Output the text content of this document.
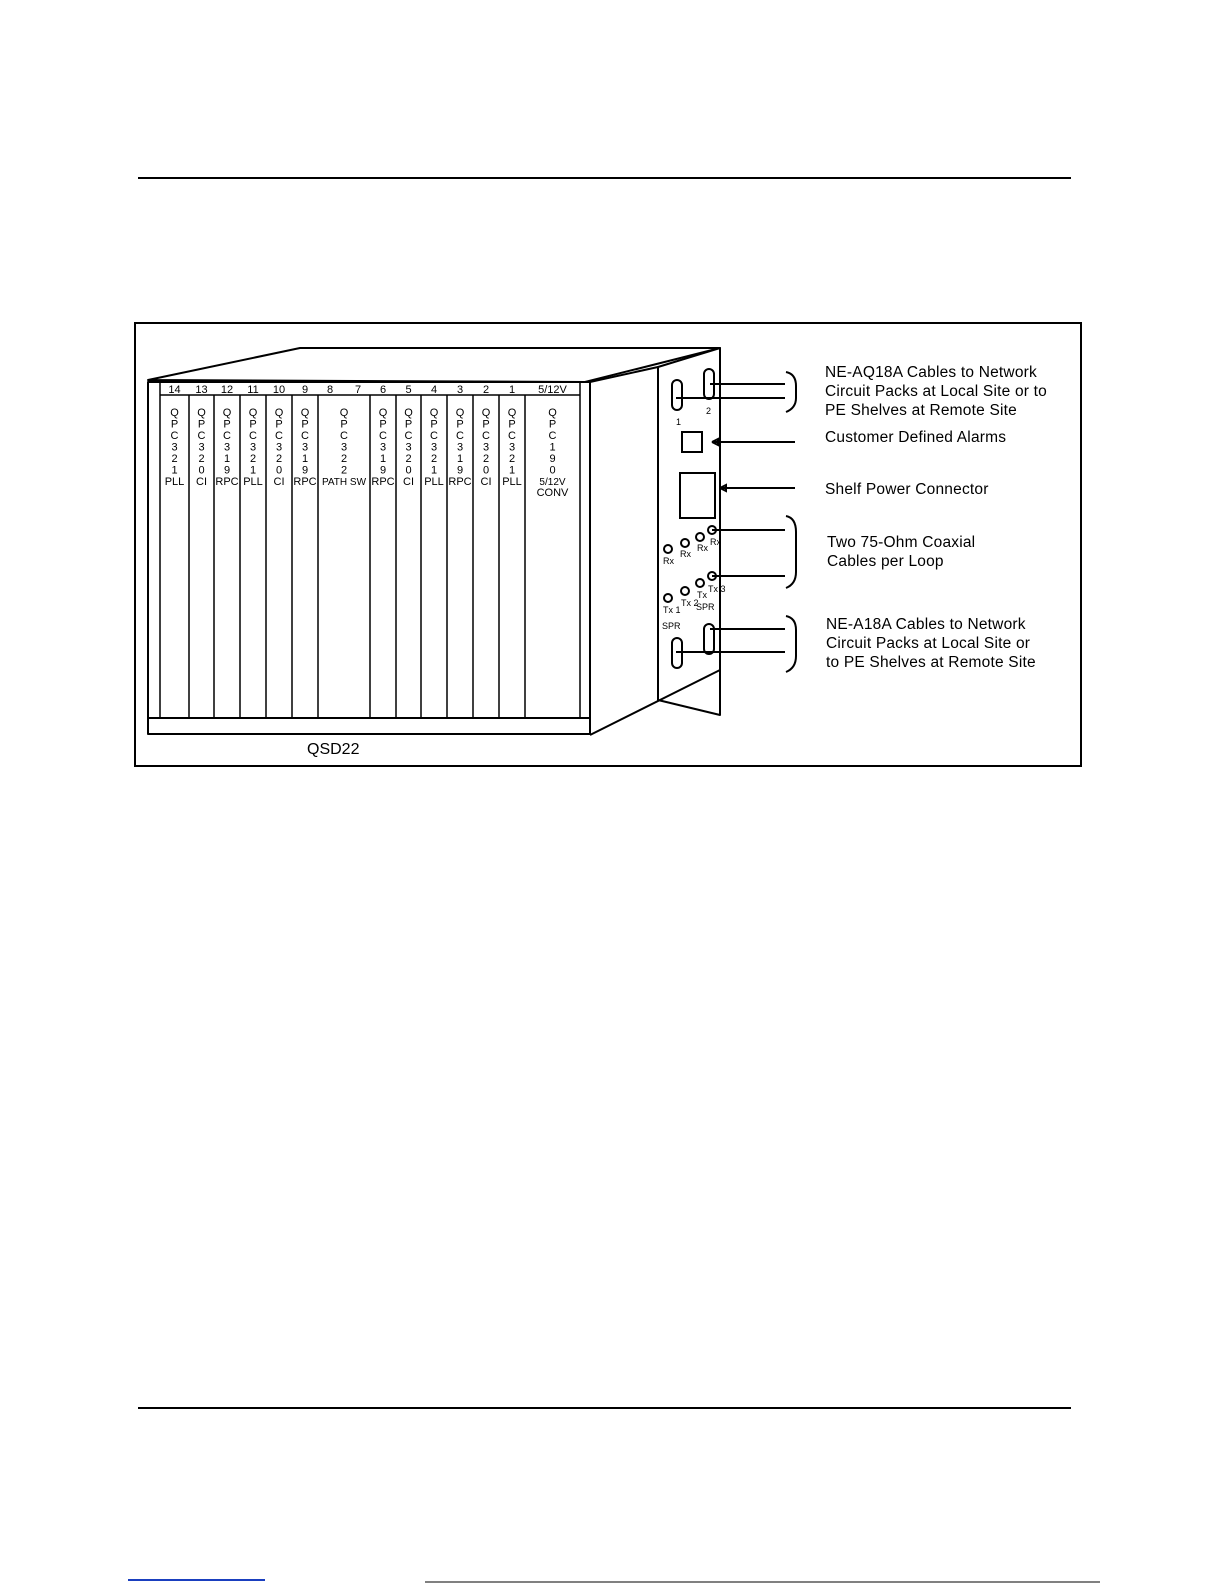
14
Q
P
C
3
2
1
PLL
13
Q
P
C
3
2
0
CI
12
Q
P
C
3
1
9
RPC
11
Q
P
C
3
2
1
PLL
10
Q
P
C
3
2
0
CI
9
Q
P
C
3
1
9
RPC
8 7
Q
P
C
3
2
2
PATH SW
6
Q
P
C
3
1
9
RPC
5
Q
P
C
3
2
0
CI
4
Q
P
C
3
2
1
PLL
3
Q
P
C
3
1
9
RPC
2
Q
P
C
3
2
0
CI
1
Q
P
C
3
2
1
PLL
5/12V
Q
P
C
1
9
0
5/12V
CONV
1
2
Rx
Rx
Rx
Rx
Tx 1
Tx 2
Tx
Tx 3
SPR
SPR
NE-AQ18A Cables to Network
Circuit Packs at Local Site or to
PE Shelves at Remote Site
Customer Defined Alarms
Shelf Power Connector
Two 75-Ohm Coaxial
Cables per Loop
NE-A18A Cables to Network
Circuit Packs at Local Site or
to PE Shelves at Remote Site
QSD22
